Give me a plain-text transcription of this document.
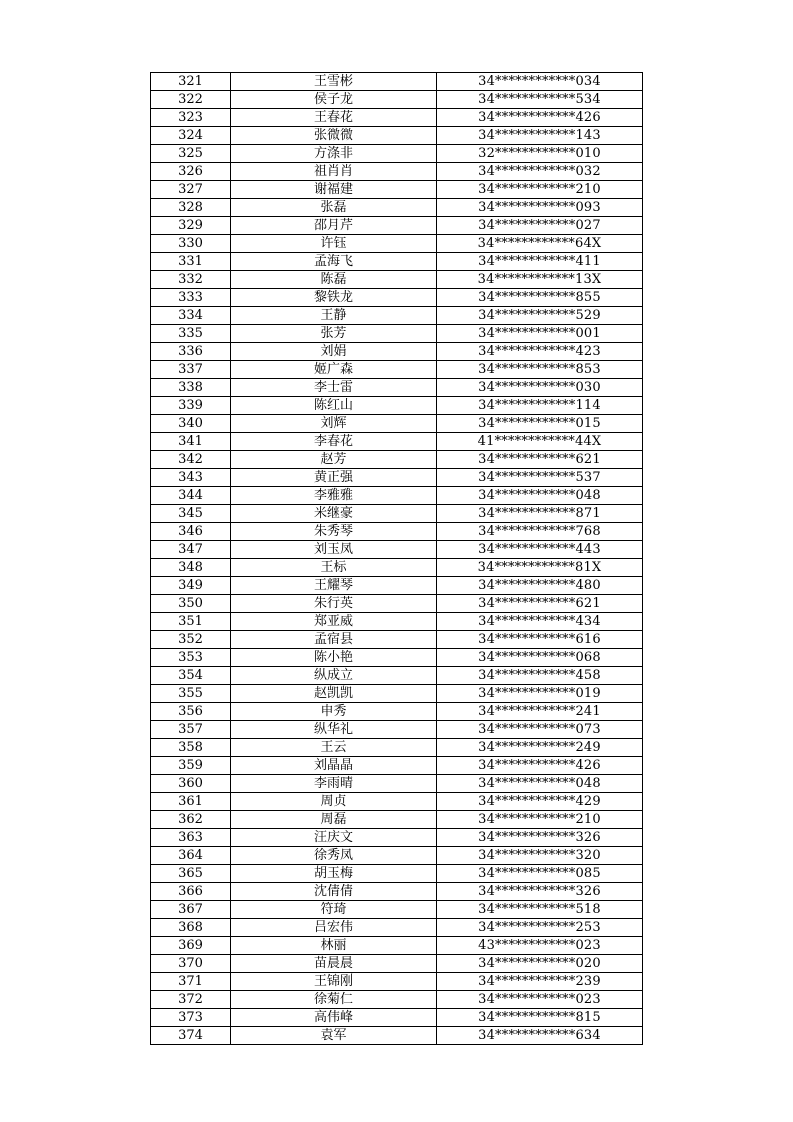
321	王雪彬	34************034
322	侯子龙	34************534
323	王春花	34************426
324	张微微	34************143
325	方涤非	32************010
326	祖肖肖	34************032
327	谢福建	34************210
328	张磊	34************093
329	邵月芹	34************027
330	许钰	34************64X
331	孟海飞	34************411
332	陈磊	34************13X
333	黎铁龙	34************855
334	王静	34************529
335	张芳	34************001
336	刘娟	34************423
337	姬广森	34************853
338	李士雷	34************030
339	陈红山	34************114
340	刘辉	34************015
341	李春花	41************44X
342	赵芳	34************621
343	黄正强	34************537
344	李雅雅	34************048
345	米继豪	34************871
346	朱秀琴	34************768
347	刘玉凤	34************443
348	王标	34************81X
349	王耀琴	34************480
350	朱行英	34************621
351	郑亚威	34************434
352	孟宿县	34************616
353	陈小艳	34************068
354	纵成立	34************458
355	赵凯凯	34************019
356	申秀	34************241
357	纵华礼	34************073
358	王云	34************249
359	刘晶晶	34************426
360	李雨晴	34************048
361	周贞	34************429
362	周磊	34************210
363	汪庆文	34************326
364	徐秀凤	34************320
365	胡玉梅	34************085
366	沈倩倩	34************326
367	符琦	34************518
368	吕宏伟	34************253
369	林丽	43************023
370	苗晨晨	34************020
371	王锦刚	34************239
372	徐菊仁	34************023
373	高伟峰	34************815
374	袁军	34************634
